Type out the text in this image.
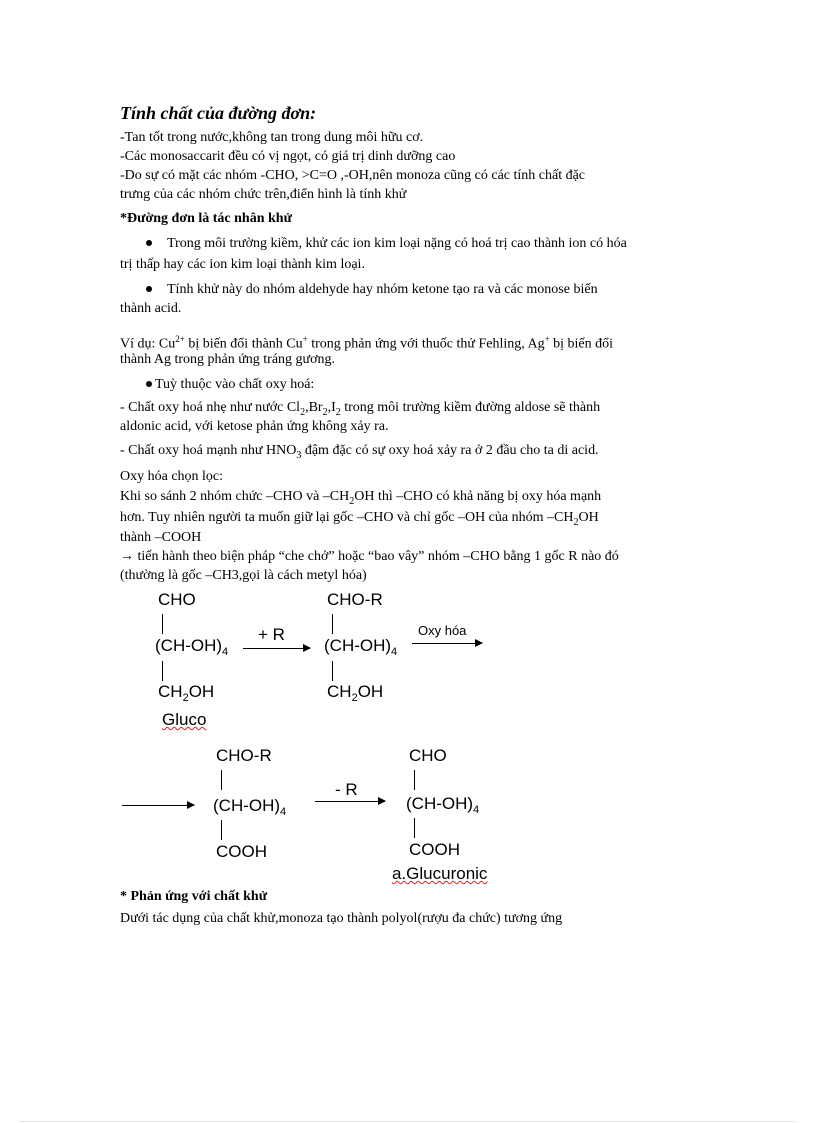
Tính chất của đường đơn:
-Tan tốt trong nước,không tan trong dung môi hữu cơ.
-Các monosaccarit đều có vị ngọt, có giá trị dinh dưỡng cao
-Do sự có mặt các nhóm -CHO, >C=O ,-OH,nên monoza cũng có các tính chất đặc
trưng của các nhóm chức trên,điển hình là tính khử
*Đường đơn là tác nhân khử
Trong môi trường kiềm, khử các ion kim loại nặng có hoá trị cao thành ion có hóa
trị thấp hay các ion kim loại thành kim loại.
Tính khử này do nhóm aldehyde hay nhóm ketone tạo ra và các monose biến
thành acid.
Ví dụ: $Cu^{2+}$ bị biến đổi thành Cu+ trong phản ứng với thuốc thử Fehling, Ag+ bị biến đổi
thành Ag trong phản ứng tráng gương.
Tuỳ thuộc vào chất oxy hoá:
- Chất oxy hoá nhẹ như nước $Cl_2,Br_2,I_2$ trong môi trường kiềm đường aldose sẽ thành
aldonic acid, với ketose phản ứng không xảy ra.
- Chất oxy hoá mạnh như $HNO_3$ đậm đặc có sự oxy hoá xảy ra ở 2 đầu cho ta di acid.
Oxy hóa chọn lọc:
Khi so sánh 2 nhóm chức –CHO và $-CH_2OH$ thì –CHO có khả năng bị oxy hóa mạnh
hơn. Tuy nhiên người ta muốn giữ lại gốc –CHO và chỉ gốc –OH của nhóm $-CH_2OH$
thành –COOH
→ tiến hành theo biện pháp “che chở” hoặc “bao vây” nhóm –CHO bằng 1 gốc R nào đó
(thường là gốc –CH3,gọi là cách metyl hóa)
CHO
$(CH-OH)_4$
$CH_2OH$
Gluco
+ R
CHO-R
$(CH-OH)_4$
$CH_2OH$
Oxy hóa
CHO-R
$(CH-OH)_4$
COOH
- R
CHO
$(CH-OH)_4$
COOH
a.Glucuronic
* Phản ứng với chất khử
Dưới tác dụng của chất khử,monoza tạo thành polyol(rượu đa chức) tương ứng
